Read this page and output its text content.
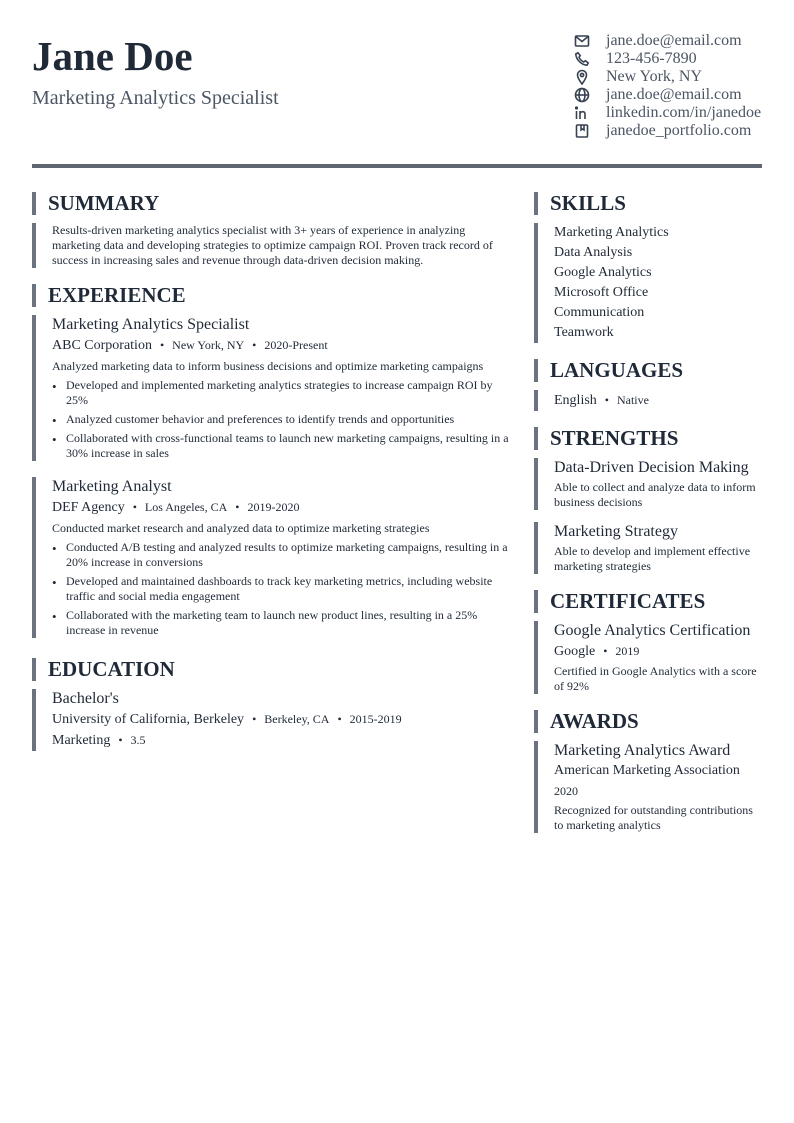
Jane Doe
Marketing Analytics Specialist
jane.doe@email.com
123-456-7890
New York, NY
jane.doe@email.com
linkedin.com/in/janedoe
janedoe_portfolio.com
SUMMARY
Results-driven marketing analytics specialist with 3+ years of experience in analyzing marketing data and developing strategies to optimize campaign ROI. Proven track record of success in increasing sales and revenue through data-driven decision making.
EXPERIENCE
Marketing Analytics Specialist
ABC Corporation • New York, NY • 2020-Present
Analyzed marketing data to inform business decisions and optimize marketing campaigns
• Developed and implemented marketing analytics strategies to increase campaign ROI by 25%
• Analyzed customer behavior and preferences to identify trends and opportunities
• Collaborated with cross-functional teams to launch new marketing campaigns, resulting in a 30% increase in sales
Marketing Analyst
DEF Agency • Los Angeles, CA • 2019-2020
Conducted market research and analyzed data to optimize marketing strategies
• Conducted A/B testing and analyzed results to optimize marketing campaigns, resulting in a 20% increase in conversions
• Developed and maintained dashboards to track key marketing metrics, including website traffic and social media engagement
• Collaborated with the marketing team to launch new product lines, resulting in a 25% increase in revenue
EDUCATION
Bachelor's
University of California, Berkeley • Berkeley, CA • 2015-2019
Marketing • 3.5
SKILLS
Marketing Analytics
Data Analysis
Google Analytics
Microsoft Office
Communication
Teamwork
LANGUAGES
English • Native
STRENGTHS
Data-Driven Decision Making
Able to collect and analyze data to inform business decisions
Marketing Strategy
Able to develop and implement effective marketing strategies
CERTIFICATES
Google Analytics Certification
Google • 2019
Certified in Google Analytics with a score of 92%
AWARDS
Marketing Analytics Award
American Marketing Association
2020
Recognized for outstanding contributions to marketing analytics
